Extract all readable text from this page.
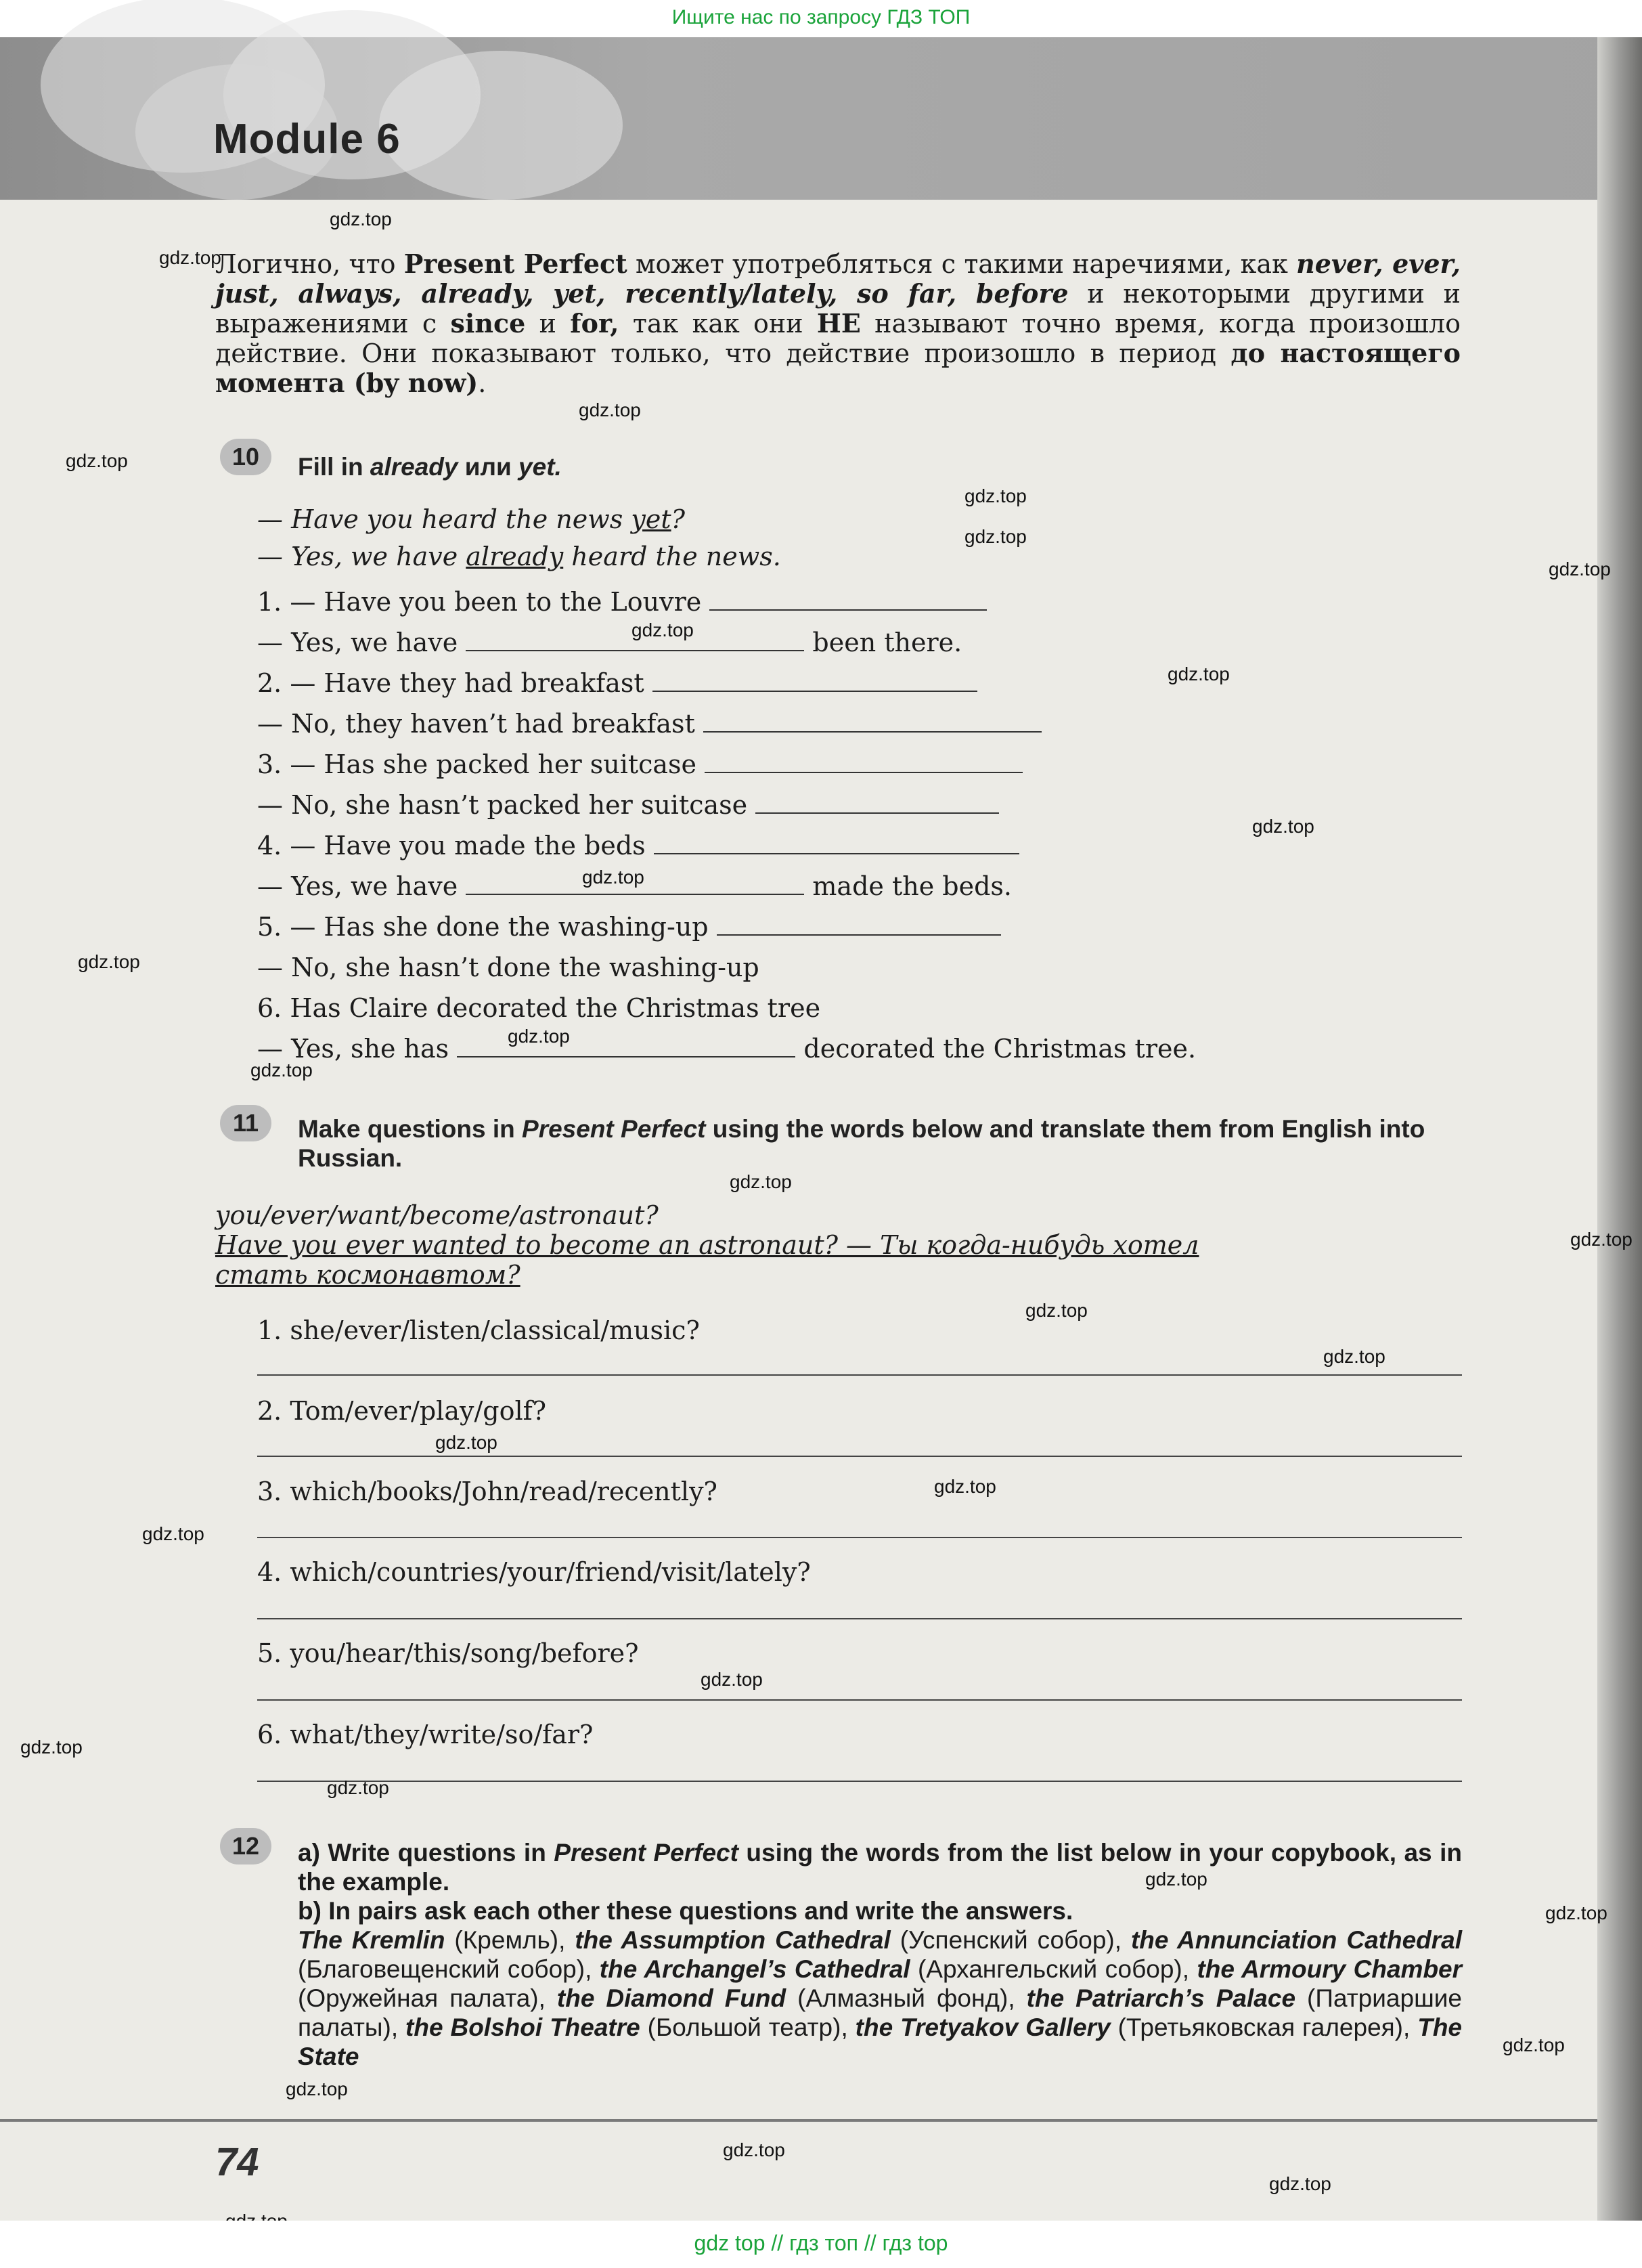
Ищите нас по запросу ГДЗ ТОП
Module 6
Логично, что Present Perfect может употребляться с такими наречиями, как never, ever, just, always, already, yet, recently/lately, so far, before и некоторыми другими и выражениями с since и for, так как они НЕ называют точно время, когда произошло действие. Они показывают только, что действие произошло в период до настоящего момента (by now).
10	Fill in already или yet.
— Have you heard the news yet?
— Yes, we have already heard the news.
1. — Have you been to the Louvre
— Yes, we have	been there.
2. — Have they had breakfast
— No, they haven’t had breakfast
3. — Has she packed her suitcase
— No, she hasn’t packed her suitcase
4. — Have you made the beds
— Yes, we have	made the beds.
5. — Has she done the washing-up
— No, she hasn’t done the washing-up
6. Has Claire decorated the Christmas tree
— Yes, she has	decorated the Christmas tree.
11	Make questions in Present Perfect using the words below and translate them from English into Russian.
you/ever/want/become/astronaut?
Have you ever wanted to become an astronaut? — Ты когда-нибудь хотел
стать космонавтом?
1. she/ever/listen/classical/music?
2. Tom/ever/play/golf?
3. which/books/John/read/recently?
4. which/countries/your/friend/visit/lately?
5. you/hear/this/song/before?
6. what/they/write/so/far?
12	a) Write questions in Present Perfect using the words from the list below in your copybook, as in the example.
b) In pairs ask each other these questions and write the answers.
The Kremlin (Кремль), the Assumption Cathedral (Успенский собор), the Annunciation Cathedral (Благовещенский собор), the Archangel’s Cathedral (Архангельский собор), the Armoury Chamber (Оружейная палата), the Diamond Fund (Алмазный фонд), the Patriarch’s Palace (Патриаршие палаты), the Bolshoi Theatre (Большой театр), the Tretyakov Gallery (Третьяковская галерея), The State
74
gdz.top
gdz.top
gdz.top
gdz.top
gdz.top
gdz.top
gdz.top
gdz.top
gdz.top
gdz.top
gdz.top
gdz.top
gdz.top
gdz.top
gdz.top
gdz.top
gdz.top
gdz.top
gdz.top
gdz.top
gdz.top
gdz.top
gdz.top
gdz.top
gdz.top
gdz.top
gdz.top
gdz.top
gdz.top
gdz.top
gdz top // гдз топ // гдз top
